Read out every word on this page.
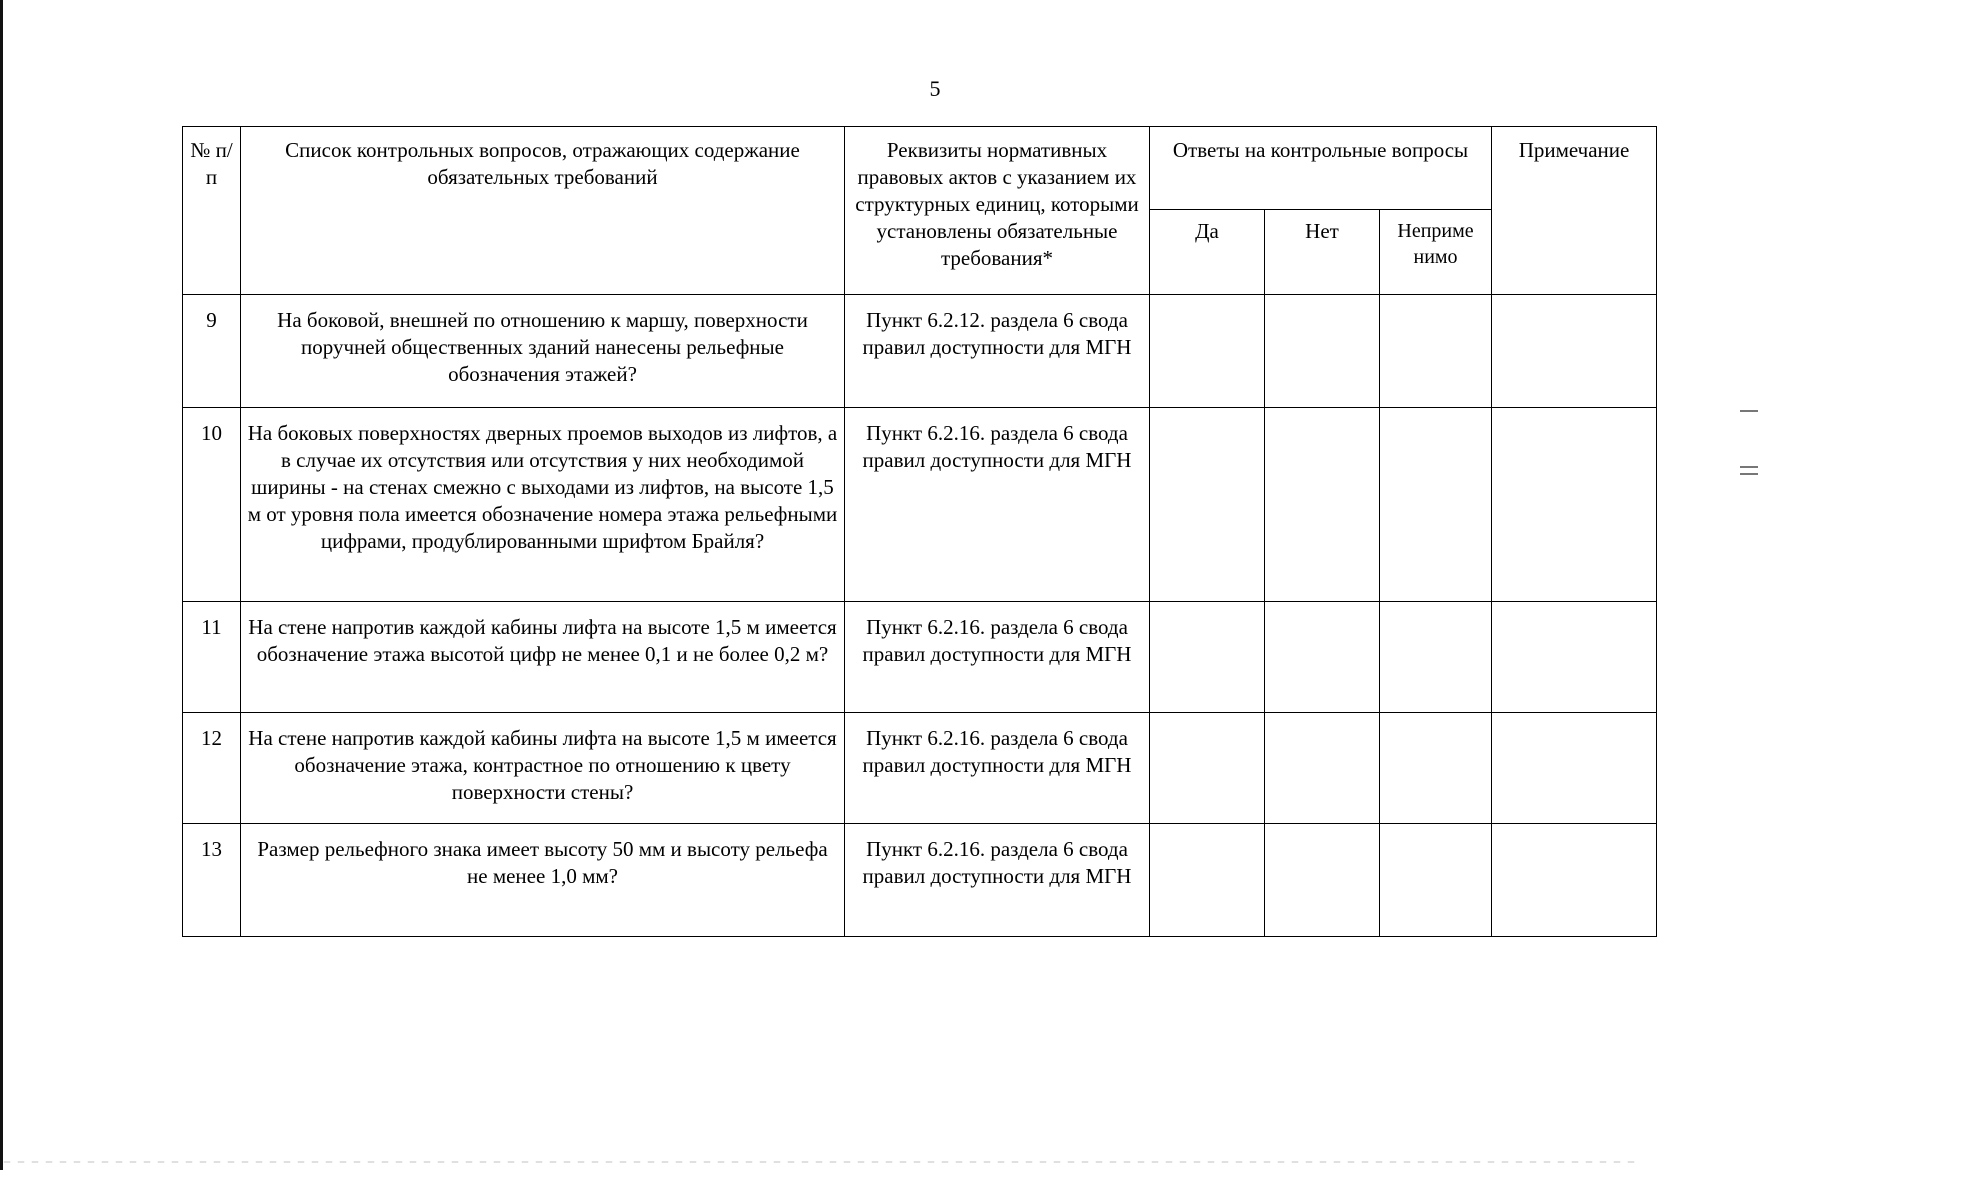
5
№ п/п	Список контрольных вопросов, отражающих содержание обязательных требований	Реквизиты нормативных правовых актов с указанием их структурных единиц, которыми установлены обязательные требования*	Ответы на контрольные вопросы			Примечание
			Да	Нет	Неприме нимо	
9	На боковой, внешней по отношению к маршу, поверхности поручней общественных зданий нанесены рельефные обозначения этажей?	Пункт 6.2.12. раздела 6 свода правил доступности для МГН				
10	На боковых поверхностях дверных проемов выходов из лифтов, а в случае их отсутствия или отсутствия у них необходимой ширины - на стенах смежно с выходами из лифтов, на высоте 1,5 м от уровня пола имеется обозначение номера этажа рельефными цифрами, продублированными шрифтом Брайля?	Пункт 6.2.16. раздела 6 свода правил доступности для МГН				
11	На стене напротив каждой кабины лифта на высоте 1,5 м имеется обозначение этажа высотой цифр не менее 0,1 и не более 0,2 м?	Пункт 6.2.16. раздела 6 свода правил доступности для МГН				
12	На стене напротив каждой кабины лифта на высоте 1,5 м имеется обозначение этажа, контрастное по отношению к цвету поверхности стены?	Пункт 6.2.16. раздела 6 свода правил доступности для МГН				
13	Размер рельефного знака имеет высоту 50 мм и высоту рельефа не менее 1,0 мм?	Пункт 6.2.16. раздела 6 свода правил доступности для МГН				
